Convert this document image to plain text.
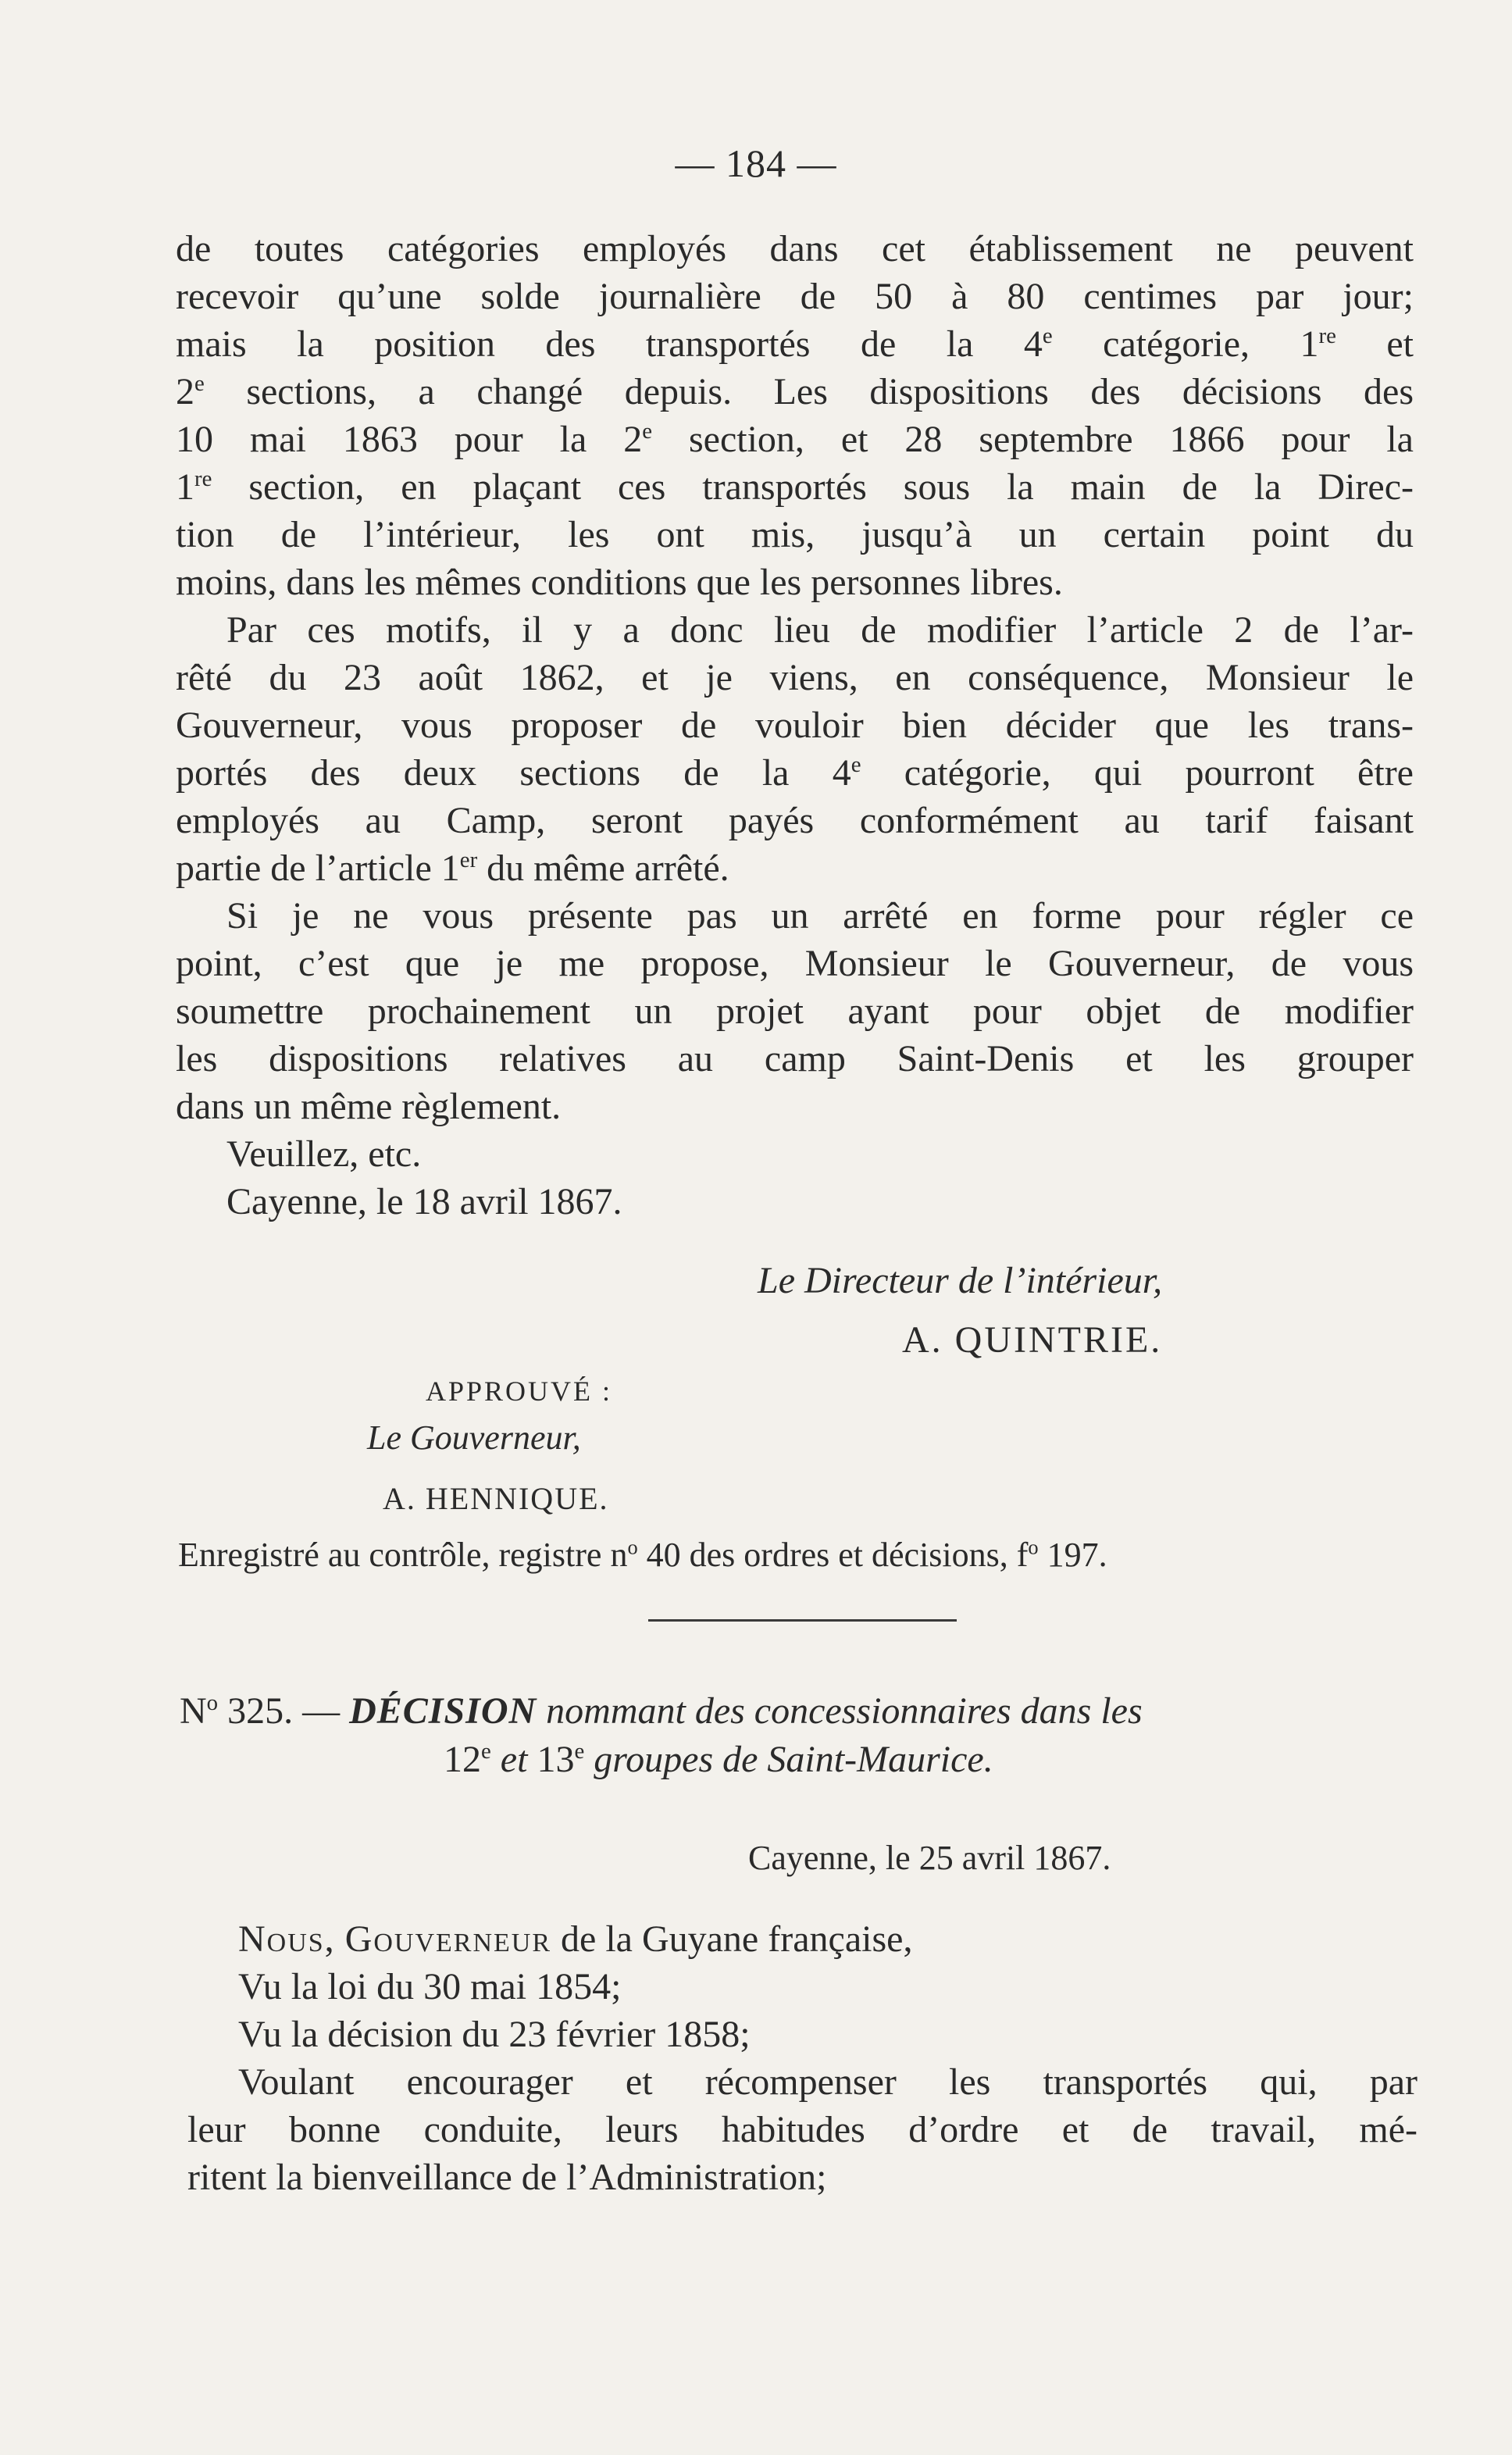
— 184 —
de toutes catégories employés dans cet établissement ne peuvent
recevoir qu’une solde journalière de 50 à 80 centimes par jour;
mais la position des transportés de la 4e catégorie, 1re et
2e sections, a changé depuis. Les dispositions des décisions des
10 mai 1863 pour la 2e section, et 28 septembre 1866 pour la
1re section, en plaçant ces transportés sous la main de la Direc-
tion de l’intérieur, les ont mis, jusqu’à un certain point du
moins, dans les mêmes conditions que les personnes libres.
Par ces motifs, il y a donc lieu de modifier l’article 2 de l’ar-
rêté du 23 août 1862, et je viens, en conséquence, Monsieur le
Gouverneur, vous proposer de vouloir bien décider que les trans-
portés des deux sections de la 4e catégorie, qui pourront être
employés au Camp, seront payés conformément au tarif faisant
partie de l’article 1er du même arrêté.
Si je ne vous présente pas un arrêté en forme pour régler ce
point, c’est que je me propose, Monsieur le Gouverneur, de vous
soumettre prochainement un projet ayant pour objet de modifier
les dispositions relatives au camp Saint-Denis et les grouper
dans un même règlement.
Veuillez, etc.
Cayenne, le 18 avril 1867.
Le Directeur de l’intérieur,
A. QUINTRIE.
APPROUVÉ :
Le Gouverneur,
A. HENNIQUE.
Enregistré au contrôle, registre $n^o$ 40 des ordres et décisions, $f^o$ 197.
$N^o$ 325. — DÉCISION nommant des concessionnaires dans les
12e et 13e groupes de Saint-Maurice.
Cayenne, le 25 avril 1867.
Nous, Gouverneur de la Guyane française,
Vu la loi du 30 mai 1854;
Vu la décision du 23 février 1858;
Voulant encourager et récompenser les transportés qui, par
leur bonne conduite, leurs habitudes d’ordre et de travail, mé-
ritent la bienveillance de l’Administration;
